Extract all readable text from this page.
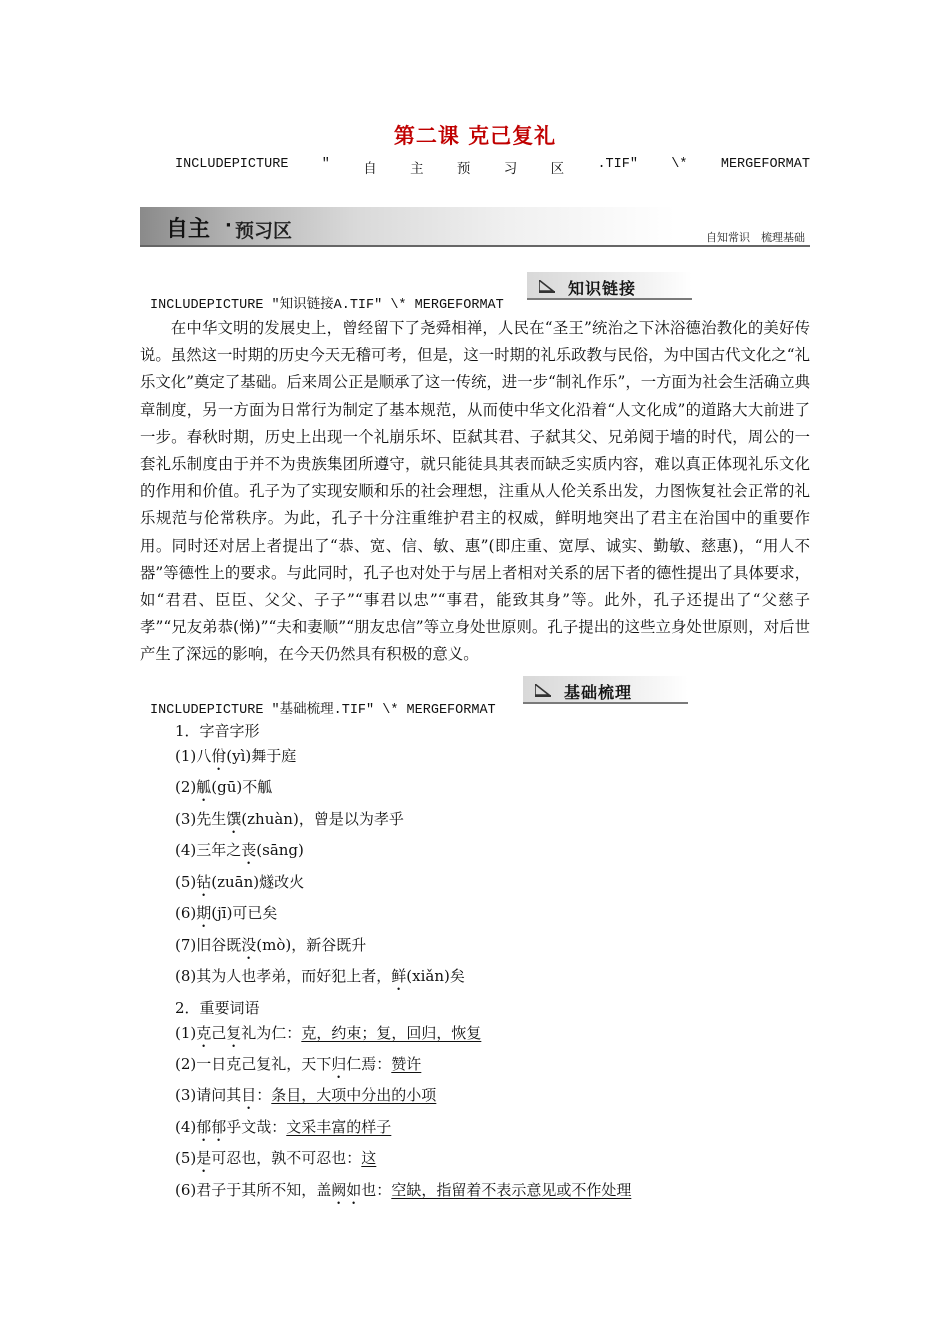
第二课 克己复礼
INCLUDEPICTURE " 自 主 预 习 区 .TIF" \* MERGEFORMAT
自主 · 预习区	自知常识　梳理基础
知识链接
INCLUDEPICTURE "知识链接A.TIF" \* MERGEFORMAT
在中华文明的发展史上，曾经留下了尧舜相禅，人民在“圣王”统治之下沐浴德治教化的美好传说。虽然这一时期的历史今天无稽可考，但是，这一时期的礼乐政教与民俗，为中国古代文化之“礼乐文化”奠定了基础。后来周公正是顺承了这一传统，进一步“制礼作乐”，一方面为社会生活确立典章制度，另一方面为日常行为制定了基本规范，从而使中华文化沿着“人文化成”的道路大大前进了一步。春秋时期，历史上出现一个礼崩乐坏、臣弑其君、子弑其父、兄弟阋于墙的时代，周公的一套礼乐制度由于并不为贵族集团所遵守，就只能徒具其表而缺乏实质内容，难以真正体现礼乐文化的作用和价值。孔子为了实现安顺和乐的社会理想，注重从人伦关系出发，力图恢复社会正常的礼乐规范与伦常秩序。为此，孔子十分注重维护君主的权威，鲜明地突出了君主在治国中的重要作用。同时还对居上者提出了“恭、宽、信、敏、惠”(即庄重、宽厚、诚实、勤敏、慈惠)，“用人不器”等德性上的要求。与此同时，孔子也对处于与居上者相对关系的居下者的德性提出了具体要求，如“君君、臣臣、父父、子子”“事君以忠”“事君，能致其身”等。此外，孔子还提出了“父慈子孝”“兄友弟恭(悌)”“夫和妻顺”“朋友忠信”等立身处世原则。孔子提出的这些立身处世原则，对后世产生了深远的影响，在今天仍然具有积极的意义。
基础梳理
INCLUDEPICTURE "基础梳理.TIF" \* MERGEFORMAT
1．字音字形
(1)八佾(yì)舞于庭
(2)觚(gū)不觚
(3)先生馔(zhuàn)，曾是以为孝乎
(4)三年之丧(sāng)
(5)钻(zuān)燧改火
(6)期(jī)可已矣
(7)旧谷既没(mò)，新谷既升
(8)其为人也孝弟，而好犯上者，鲜(xiǎn)矣
2．重要词语
(1)克己复礼为仁：克，约束；复，回归，恢复
(2)一日克己复礼，天下归仁焉：赞许
(3)请问其目：条目，大项中分出的小项
(4)郁郁乎文哉：文采丰富的样子
(5)是可忍也，孰不可忍也：这
(6)君子于其所不知，盖阙如也：空缺，指留着不表示意见或不作处理
